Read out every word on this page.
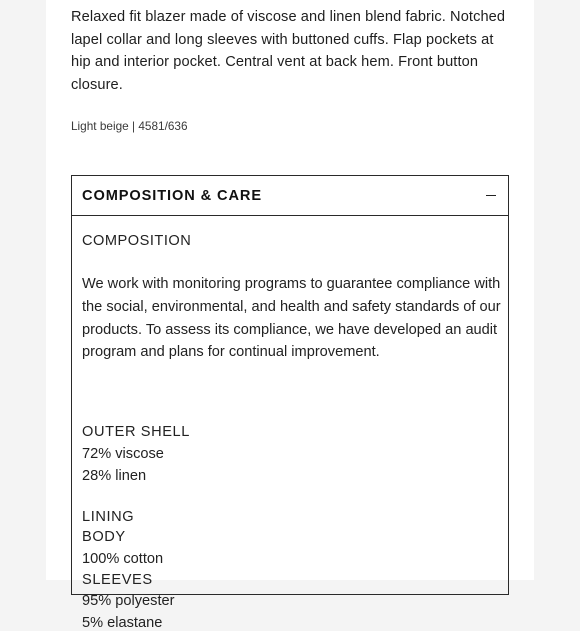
Relaxed fit blazer made of viscose and linen blend fabric. Notched lapel collar and long sleeves with buttoned cuffs. Flap pockets at hip and interior pocket. Central vent at back hem. Front button closure.
Light beige | 4581/636
COMPOSITION & CARE
COMPOSITION
We work with monitoring programs to guarantee compliance with the social, environmental, and health and safety standards of our products. To assess its compliance, we have developed an audit program and plans for continual improvement.
OUTER SHELL
72% viscose
28% linen
LINING
BODY
100% cotton
SLEEVES
95% polyester
5% elastane
